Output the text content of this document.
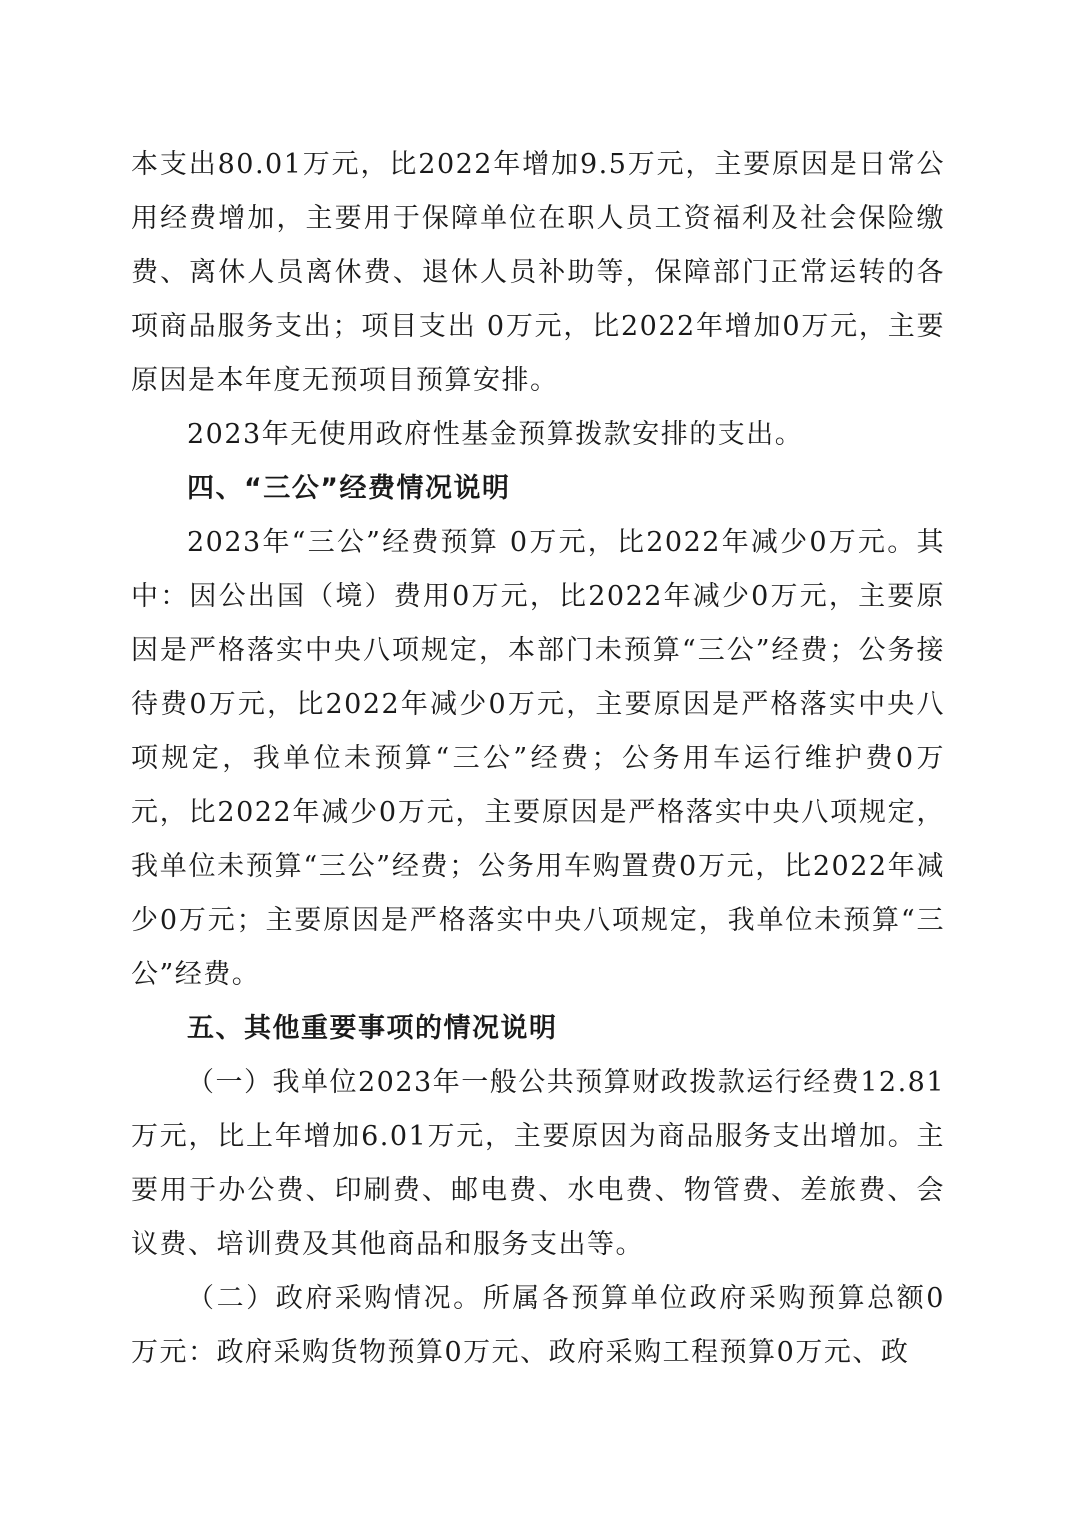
本支出80.01万元，比2022年增加9.5万元，主要原因是日常公用经费增加，主要用于保障单位在职人员工资福利及社会保险缴费、离休人员离休费、退休人员补助等，保障部门正常运转的各项商品服务支出；项目支出 0万元，比2022年增加0万元，主要原因是本年度无预项目预算安排。

2023年无使用政府性基金预算拨款安排的支出。

四、“三公”经费情况说明

2023年“三公”经费预算 0万元，比2022年减少0万元。其中：因公出国（境）费用0万元，比2022年减少0万元，主要原因是严格落实中央八项规定，本部门未预算“三公”经费；公务接待费0万元，比2022年减少0万元，主要原因是严格落实中央八项规定，我单位未预算“三公”经费；公务用车运行维护费0万元，比2022年减少0万元，主要原因是严格落实中央八项规定，我单位未预算“三公”经费；公务用车购置费0万元，比2022年减少0万元；主要原因是严格落实中央八项规定，我单位未预算“三公”经费。

五、其他重要事项的情况说明

（一）我单位2023年一般公共预算财政拨款运行经费12.81万元，比上年增加6.01万元，主要原因为商品服务支出增加。主要用于办公费、印刷费、邮电费、水电费、物管费、差旅费、会议费、培训费及其他商品和服务支出等。

（二）政府采购情况。所属各预算单位政府采购预算总额0万元：政府采购货物预算0万元、政府采购工程预算0万元、政
